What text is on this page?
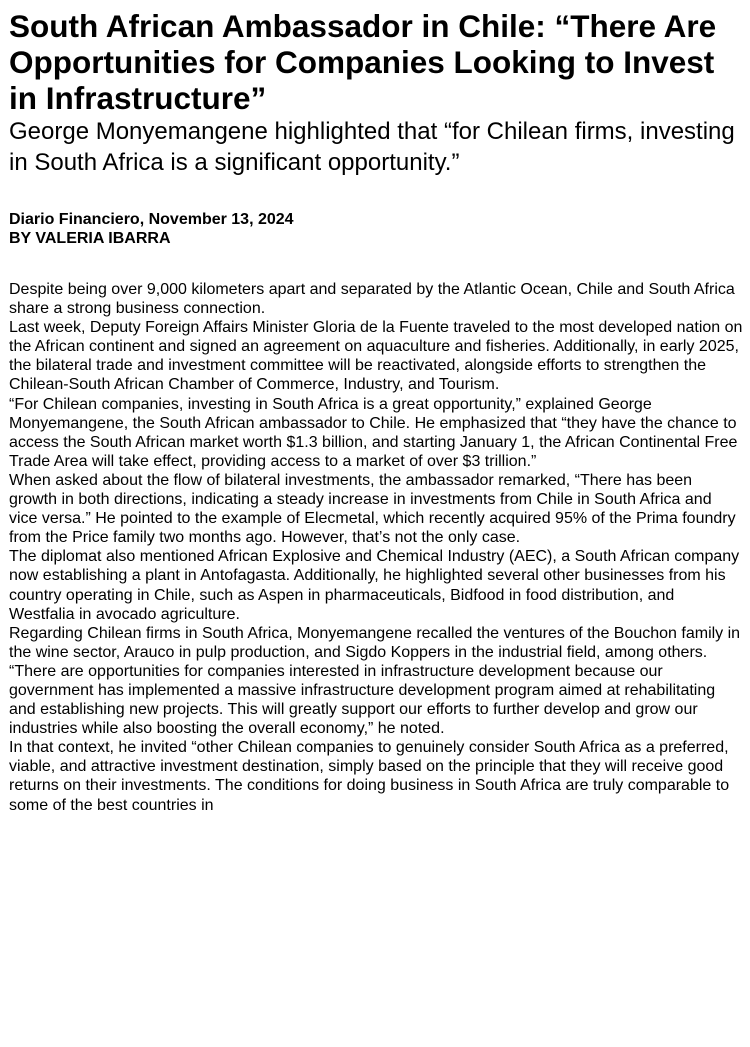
South African Ambassador in Chile: “There Are Opportunities for Companies Looking to Invest in Infrastructure”
George Monyemangene highlighted that “for Chilean firms, investing in South Africa is a significant opportunity.”
Diario Financiero, November 13, 2024
BY VALERIA IBARRA

Despite being over 9,000 kilometers apart and separated by the Atlantic Ocean, Chile and South Africa share a strong business connection.

Last week, Deputy Foreign Affairs Minister Gloria de la Fuente traveled to the most developed nation on the African continent and signed an agreement on aquaculture and fisheries. Additionally, in early 2025, the bilateral trade and investment committee will be reactivated, alongside efforts to strengthen the Chilean-South African Chamber of Commerce, Industry, and Tourism.

“For Chilean companies, investing in South Africa is a great opportunity,” explained George Monyemangene, the South African ambassador to Chile. He emphasized that “they have the chance to access the South African market worth $1.3 billion, and starting January 1, the African Continental Free Trade Area will take effect, providing access to a market of over $3 trillion.”

When asked about the flow of bilateral investments, the ambassador remarked, “There has been growth in both directions, indicating a steady increase in investments from Chile in South Africa and vice versa.” He pointed to the example of Elecmetal, which recently acquired 95% of the Prima foundry from the Price family two months ago. However, that’s not the only case.

The diplomat also mentioned African Explosive and Chemical Industry (AEC), a South African company now establishing a plant in Antofagasta. Additionally, he highlighted several other businesses from his country operating in Chile, such as Aspen in pharmaceuticals, Bidfood in food distribution, and Westfalia in avocado agriculture.

Regarding Chilean firms in South Africa, Monyemangene recalled the ventures of the Bouchon family in the wine sector, Arauco in pulp production, and Sigdo Koppers in the industrial field, among others.

“There are opportunities for companies interested in infrastructure development because our government has implemented a massive infrastructure development program aimed at rehabilitating and establishing new projects. This will greatly support our efforts to further develop and grow our industries while also boosting the overall economy,” he noted.

In that context, he invited “other Chilean companies to genuinely consider South Africa as a preferred, viable, and attractive investment destination, simply based on the principle that they will receive good returns on their investments. The conditions for doing business in South Africa are truly comparable to some of the best countries in
